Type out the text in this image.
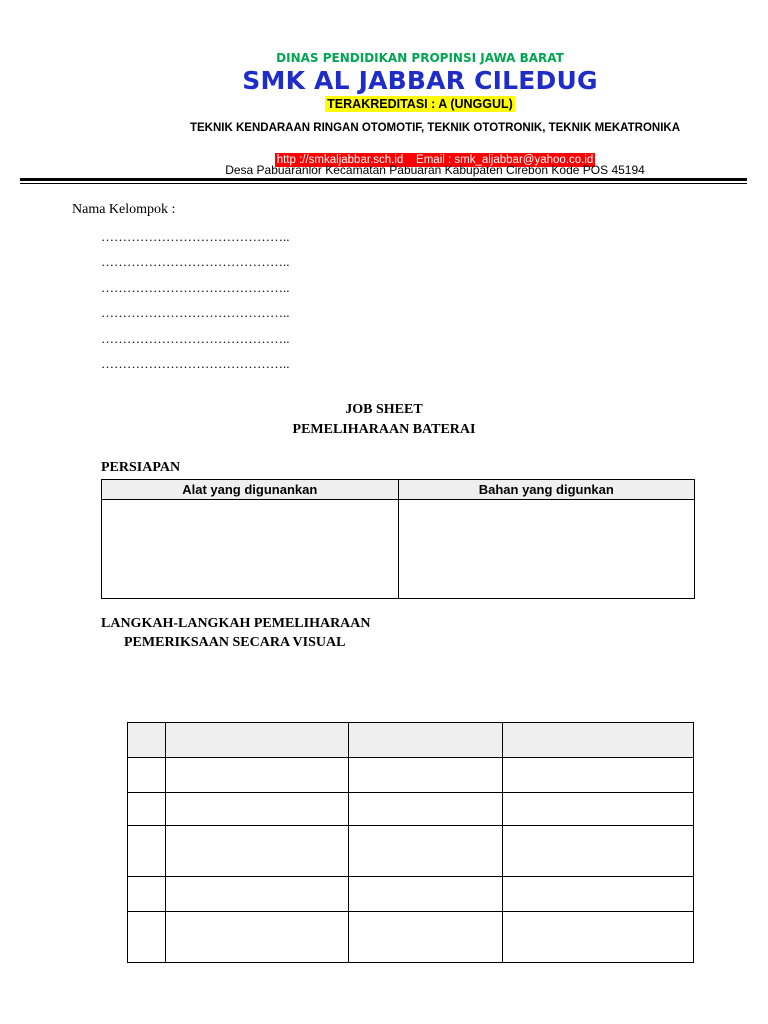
DINAS PENDIDIKAN PROPINSI JAWA BARAT
SMK AL JABBAR CILEDUG
TERAKREDITASI : A (UNGGUL)
TEKNIK KENDARAAN RINGAN OTOMOTIF, TEKNIK OTOTRONIK, TEKNIK MEKATRONIKA
http ://smkaljabbar.sch.id    Email : smk_aljabbar@yahoo.co.id
Desa Pabuaranlor Kecamatan Pabuaran Kabupaten Cirebon Kode POS 45194
Nama Kelompok :
……………………………………..
……………………………………..
……………………………………..
……………………………………..
……………………………………..
……………………………………..
JOB SHEET
PEMELIHARAAN BATERAI
PERSIAPAN
Alat yang digunankan	Bahan yang digunkan

LANGKAH-LANGKAH PEMELIHARAAN
PEMERIKSAAN SECARA VISUAL
